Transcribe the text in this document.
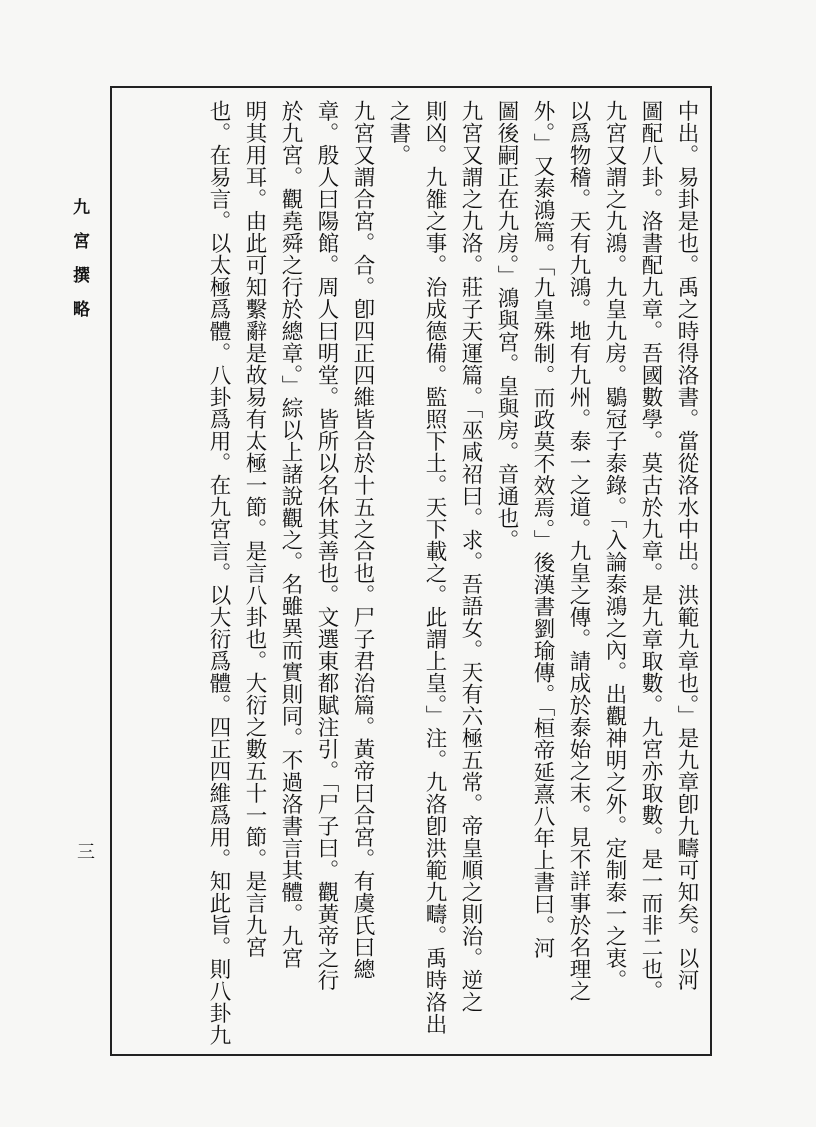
九宮撰略
三	中出。易卦是也。禹之時得洛書。當從洛水中出。洪範九章也。」是九章卽九疇可知矣。以河
圖配八卦。洛書配九章。吾國數學。莫古於九章。是九章取數。九宮亦取數。是一而非二也。
九宮又謂之九鴻。九皇九房。鶡冠子泰錄。「入論泰鴻之內。出觀神明之外。定制泰一之衷。
以爲物稽。天有九鴻。地有九州。泰一之道。九皇之傳。請成於泰始之末。見不詳事於名理之
外。」又泰鴻篇。「九皇殊制。而政莫不效焉。」後漢書劉瑜傳。「桓帝延熹八年上書曰。河
圖後嗣正在九房。」鴻與宮。皇與房。音通也。
九宮又謂之九洛。莊子天運篇。「巫咸祒曰。求。吾語女。天有六極五常。帝皇順之則治。逆之
則凶。九雒之事。治成德備。監照下土。天下載之。此謂上皇。」注。九洛卽洪範九疇。禹時洛出
之書。
九宮又謂合宮。合。卽四正四維皆合於十五之合也。尸子君治篇。黃帝曰合宮。有虞氏曰總
章。殷人曰陽館。周人曰明堂。皆所以名休其善也。文選東都賦注引。「尸子曰。觀黃帝之行
於九宮。觀堯舜之行於總章。」綜以上諸說觀之。名雖異而實則同。不過洛書言其體。九宮
明其用耳。由此可知繫辭是故易有太極一節。是言八卦也。大衍之數五十一節。是言九宮
也。在易言。以太極爲體。八卦爲用。在九宮言。以大衍爲體。四正四維爲用。知此旨。則八卦九
